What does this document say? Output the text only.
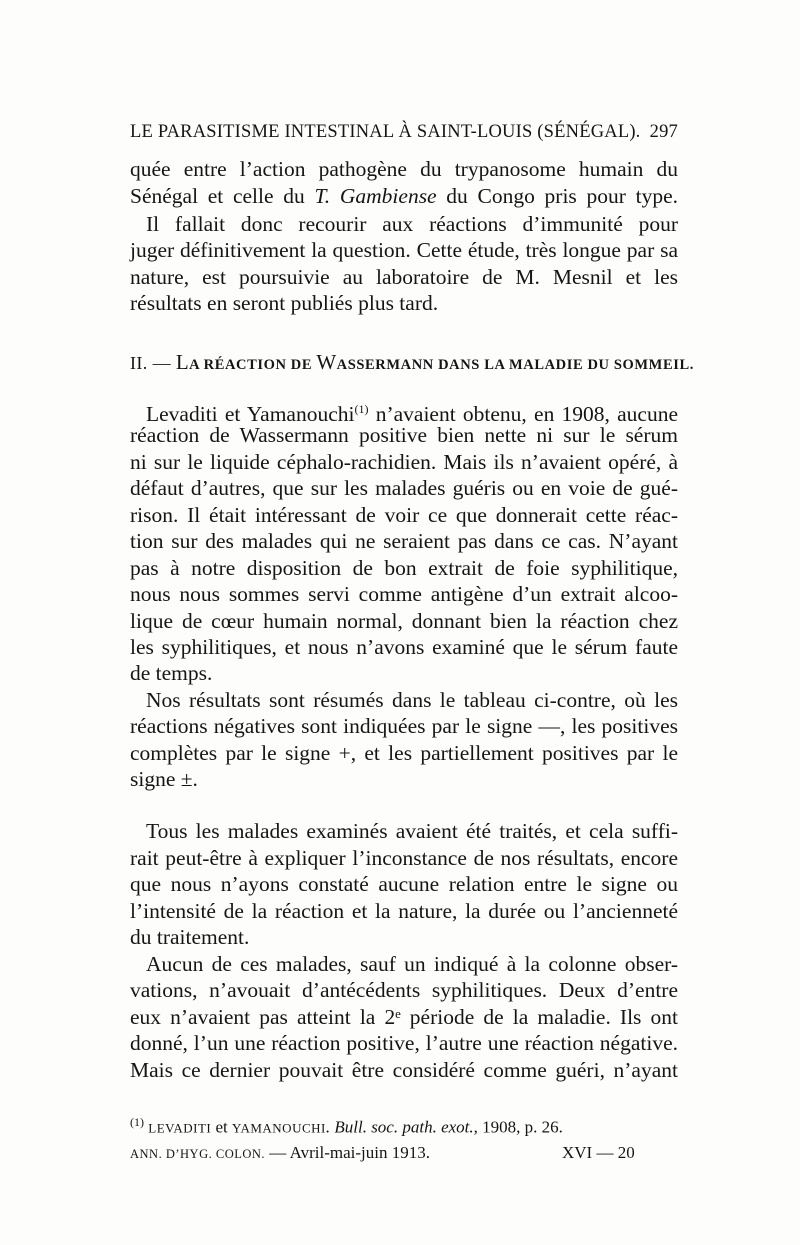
LE PARASITISME INTESTINAL À SAINT-LOUIS (SÉNÉGAL). 297
quée entre l’action pathogène du trypanosome humain du
Sénégal et celle du T. Gambiense du Congo pris pour type.
Il fallait donc recourir aux réactions d’immunité pour
juger définitivement la question. Cette étude, très longue par sa
nature, est poursuivie au laboratoire de M. Mesnil et les
résultats en seront publiés plus tard.
II. — LA RÉACTION DE WASSERMANN DANS LA MALADIE DU SOMMEIL.
Levaditi et Yamanouchi$^{(1)}$ n’avaient obtenu, en 1908, aucune
réaction de Wassermann positive bien nette ni sur le sérum
ni sur le liquide céphalo-rachidien. Mais ils n’avaient opéré, à
défaut d’autres, que sur les malades guéris ou en voie de gué-
rison. Il était intéressant de voir ce que donnerait cette réac-
tion sur des malades qui ne seraient pas dans ce cas. N’ayant
pas à notre disposition de bon extrait de foie syphilitique,
nous nous sommes servi comme antigène d’un extrait alcoo-
lique de cœur humain normal, donnant bien la réaction chez
les syphilitiques, et nous n’avons examiné que le sérum faute
de temps.
Nos résultats sont résumés dans le tableau ci-contre, où les
réactions négatives sont indiquées par le signe —, les positives
complètes par le signe +, et les partiellement positives par le
signe ±.
Tous les malades examinés avaient été traités, et cela suffi-
rait peut-être à expliquer l’inconstance de nos résultats, encore
que nous n’ayons constaté aucune relation entre le signe ou
l’intensité de la réaction et la nature, la durée ou l’ancienneté
du traitement.
Aucun de ces malades, sauf un indiqué à la colonne obser-
vations, n’avouait d’antécédents syphilitiques. Deux d’entre
eux n’avaient pas atteint la 2ᵉ période de la maladie. Ils ont
donné, l’un une réaction positive, l’autre une réaction négative.
Mais ce dernier pouvait être considéré comme guéri, n’ayant
$^{(1)}$ LEVADITI et YAMANOUCHI. Bull. soc. path. exot., 1908, p. 26.
ANN. D’HYG. COLON. — Avril-mai-juin 1913.	XVI — 20
